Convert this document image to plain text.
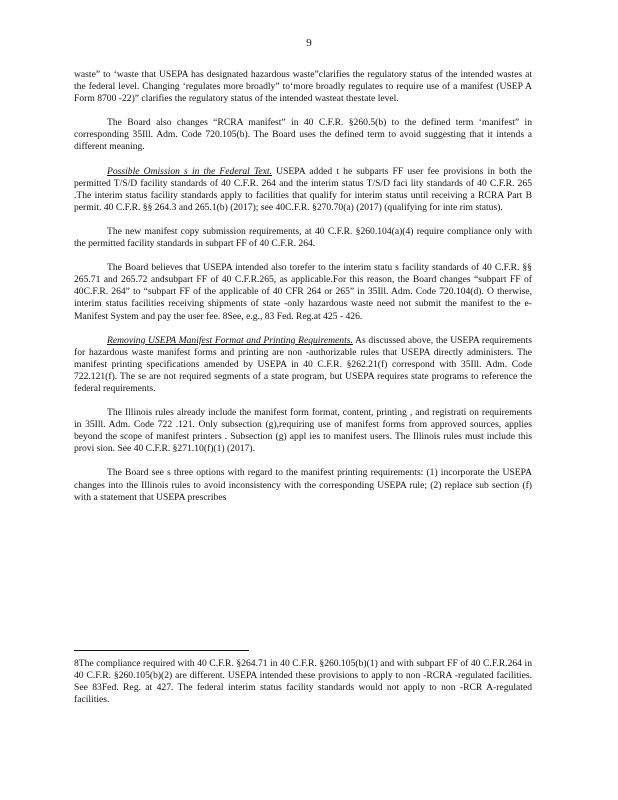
9

waste” to ‘waste that USEPA has designated hazardous waste”clarifies the regulatory status of the intended wastes at the federal level. Changing ‘regulates more broadly” to‘more broadly regulates to require use of a manifest (USEP A Form 8700 -22)” clarifies the regulatory status of the intended wasteat thestate level.

The Board also changes “RCRA manifest” in 40 C.F.R. §260.5(b) to the defined term ‘manifest” in corresponding 35Ill. Adm. Code 720.105(b). The Board uses the defined term to avoid suggesting that it intends a different meaning.

Possible Omission s in the Federal Text. USEPA added t he subparts FF user fee provisions in both the permitted T/S/D facility standards of 40 C.F.R. 264 and the interim status T/S/D faci lity standards of 40 C.F.R. 265 .The interim status facility standards apply to facilities that qualify for interim status until receiving a RCRA Part B permit. 40 C.F.R. §§ 264.3 and 265.1(b) (2017); see 40C.F.R. §270.70(a) (2017) (qualifying for inte rim status).

The new manifest copy submission requirements, at 40 C.F.R. §260.104(a)(4) require compliance only with the permitted facility standards in subpart FF of 40 C.F.R. 264.

The Board believes that USEPA intended also torefer to the interim statu s facility standards of 40 C.F.R. §§ 265.71 and 265.72 andsubpart FF of 40 C.F.R.265, as applicable.For this reason, the Board changes “subpart FF of 40C.F.R. 264” to “subpart FF of the applicable of 40 CFR 264 or 265” in 35Ill. Adm. Code 720.104(d). O therwise, interim status facilities receiving shipments of state -only hazardous waste need not submit the manifest to the e-Manifest System and pay the user fee. 8See, e.g., 83 Fed. Reg.at 425 - 426.

Removing USEPA Manifest Format and Printing Requirements. As discussed above, the USEPA requirements for hazardous waste manifest forms and printing are non -authorizable rules that USEPA directly administers. The manifest printing specifications amended by USEPA in 40 C.F.R. §262.21(f) correspond with 35Ill. Adm. Code 722.121(f). The se are not required segments of a state program, but USEPA requires state programs to reference the federal requirements.

The Illinois rules already include the manifest form format, content, printing , and registrati on requirements in 35Ill. Adm. Code 722 .121. Only subsection (g),requiring use of manifest forms from approved sources, applies beyond the scope of manifest printers . Subsection (g) appl ies to manifest users. The Illinois rules must include this provi sion. See 40 C.F.R. §271.10(f)(1) (2017).

The Board see s three options with regard to the manifest printing requirements: (1) incorporate the USEPA changes into the Illinois rules to avoid inconsistency with the corresponding USEPA rule; (2) replace sub section (f) with a statement that USEPA prescribes

8The compliance required with 40 C.F.R. §264.71 in 40 C.F.R. §260.105(b)(1) and with subpart FF of 40 C.F.R.264 in 40 C.F.R. §260.105(b)(2) are different. USEPA intended these provisions to apply to non -RCRA -regulated facilities. See 83Fed. Reg. at 427. The federal interim status facility standards would not apply to non -RCR A-regulated facilities.
